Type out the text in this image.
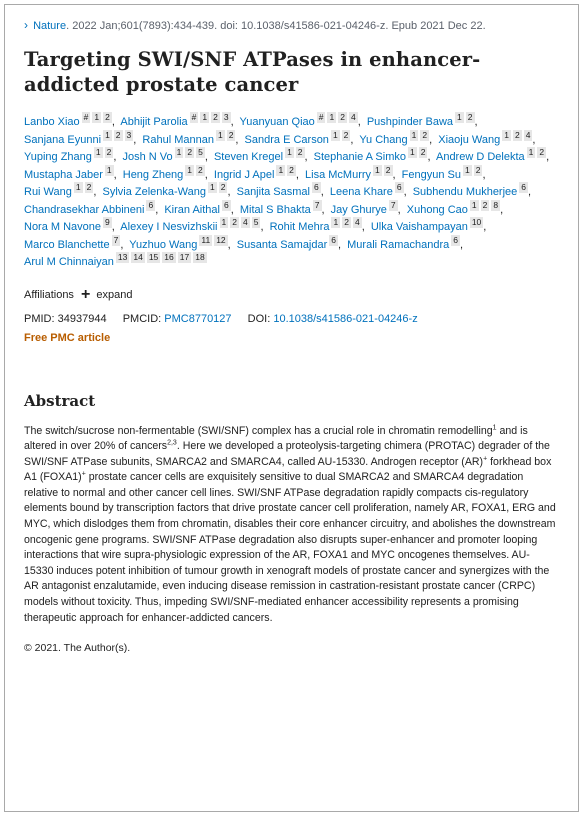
› Nature. 2022 Jan;601(7893):434-439. doi: 10.1038/s41586-021-04246-z. Epub 2021 Dec 22.
Targeting SWI/SNF ATPases in enhancer-addicted prostate cancer
Lanbo Xiao # 1 2 , Abhijit Parolia # 1 2 3 , Yuanyuan Qiao # 1 2 4 , Pushpinder Bawa 1 2 , Sanjana Eyunni 1 2 3 , Rahul Mannan 1 2 , Sandra E Carson 1 2 , Yu Chang 1 2 , Xiaoju Wang 1 2 4 , Yuping Zhang 1 2 , Josh N Vo 1 2 5 , Steven Kregel 1 2 , Stephanie A Simko 1 2 , Andrew D Delekta 1 2 , Mustapha Jaber 1 , Heng Zheng 1 2 , Ingrid J Apel 1 2 , Lisa McMurry 1 2 , Fengyun Su 1 2 , Rui Wang 1 2 , Sylvia Zelenka-Wang 1 2 , Sanjita Sasmal 6 , Leena Khare 6 , Subhendu Mukherjee 6 , Chandrasekhar Abbineni 6 , Kiran Aithal 6 , Mital S Bhakta 7 , Jay Ghurye 7 , Xuhong Cao 1 2 8 , Nora M Navone 9 , Alexey I Nesvizhskii 1 2 4 5 , Rohit Mehra 1 2 4 , Ulka Vaishampayan 10 , Marco Blanchette 7 , Yuzhuo Wang 11 12 , Susanta Samajdar 6 , Murali Ramachandra 6 , Arul M Chinnaiyan 13 14 15 16 17 18
Affiliations + expand
PMID: 34937944 PMCID: PMC8770127 DOI: 10.1038/s41586-021-04246-z
Free PMC article
Abstract
The switch/sucrose non-fermentable (SWI/SNF) complex has a crucial role in chromatin remodelling$^1$ and is altered in over 20% of cancers$^{2,3}$. Here we developed a proteolysis-targeting chimera (PROTAC) degrader of the SWI/SNF ATPase subunits, SMARCA2 and SMARCA4, called AU-15330. Androgen receptor (AR)+ forkhead box A1 (FOXA1)+ prostate cancer cells are exquisitely sensitive to dual SMARCA2 and SMARCA4 degradation relative to normal and other cancer cell lines. SWI/SNF ATPase degradation rapidly compacts cis-regulatory elements bound by transcription factors that drive prostate cancer cell proliferation, namely AR, FOXA1, ERG and MYC, which dislodges them from chromatin, disables their core enhancer circuitry, and abolishes the downstream oncogenic gene programs. SWI/SNF ATPase degradation also disrupts super-enhancer and promoter looping interactions that wire supra-physiologic expression of the AR, FOXA1 and MYC oncogenes themselves. AU-15330 induces potent inhibition of tumour growth in xenograft models of prostate cancer and synergizes with the AR antagonist enzalutamide, even inducing disease remission in castration-resistant prostate cancer (CRPC) models without toxicity. Thus, impeding SWI/SNF-mediated enhancer accessibility represents a promising therapeutic approach for enhancer-addicted cancers.
© 2021. The Author(s).
